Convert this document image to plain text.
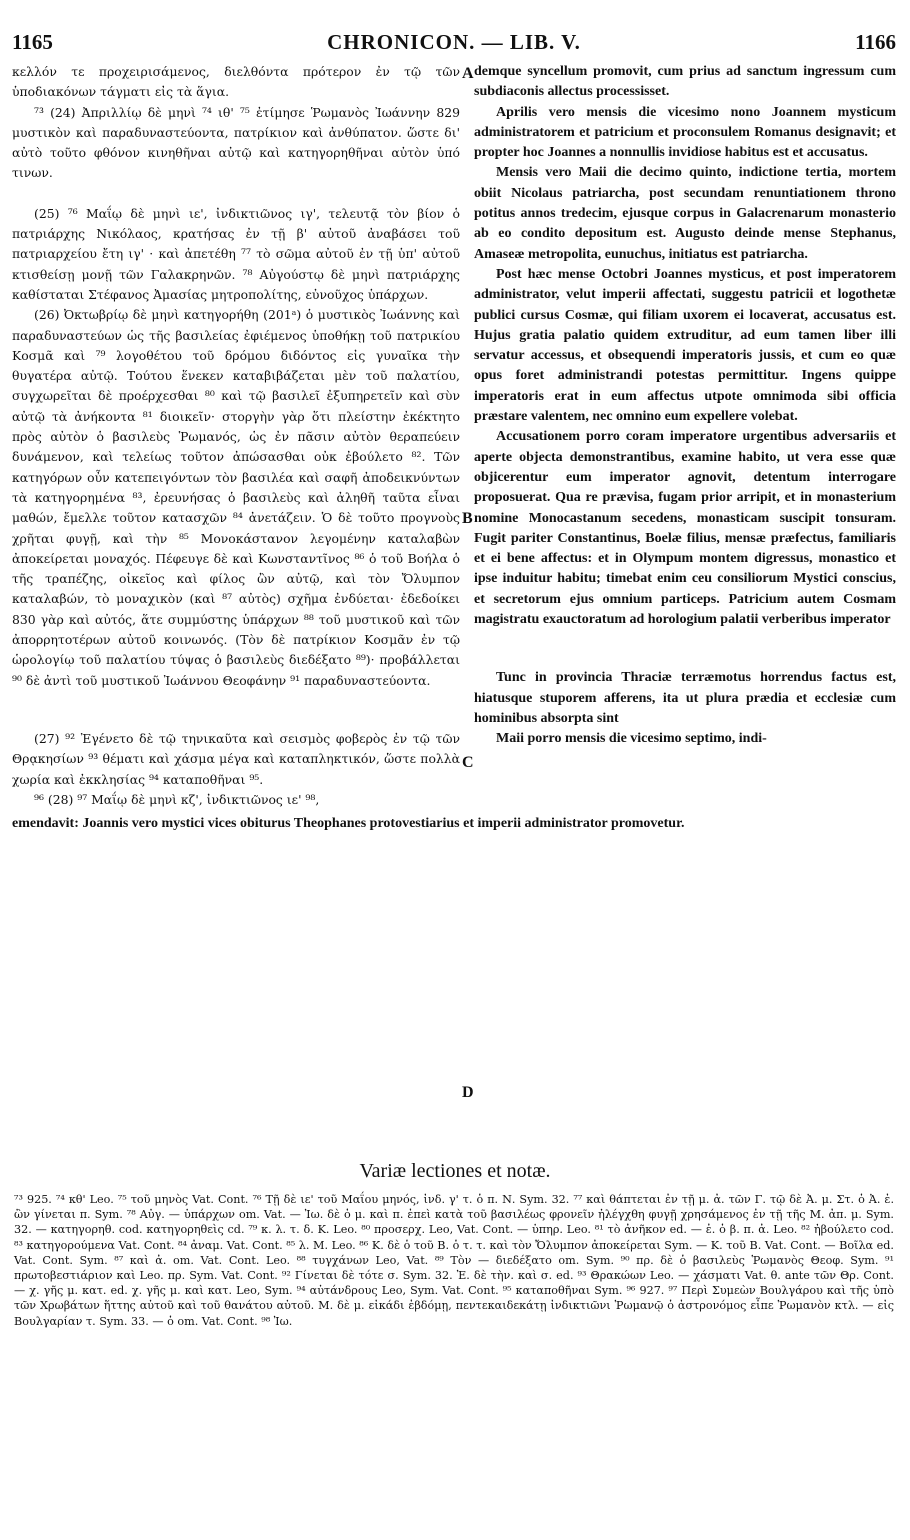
1165	CHRONICON. — LIB. V.	1166

κελλόν τε προχειρισάμενος, διελθόντα πρότερον ἐν τῷ τῶν ὑποδιακόνων τάγματι εἰς τὰ ἅγια.

⁷³ (24) Ἀπριλλίῳ δὲ μηνὶ ⁷⁴ ιθ' ⁷⁵ ἐτίμησε Ῥωμανὸς Ἰωάννην 829 μυστικὸν καὶ παραδυναστεύοντα, πατρίκιον καὶ ἀνθύπατον. ὥστε δι' αὐτὸ τοῦτο φθόνον κινηθῆναι αὐτῷ καὶ κατηγορηθῆναι αὐτὸν ὑπό τινων.

(25) ⁷⁶ Μαΐῳ δὲ μηνὶ ιε', ἰνδικτιῶνος ιγ', τελευτᾷ τὸν βίον ὁ πατριάρχης Νικόλαος, κρατήσας ἐν τῇ β' αὐτοῦ ἀναβάσει τοῦ πατριαρχείου ἔτη ιγ' · καὶ ἀπετέθη ⁷⁷ τὸ σῶμα αὐτοῦ ἐν τῇ ὑπ' αὐτοῦ κτισθείσῃ μονῇ τῶν Γαλακρηνῶν. ⁷⁸ Αὐγούστῳ δὲ μηνὶ πατριάρχης καθίσταται Στέφανος Ἀμασίας μητροπολίτης, εὐνοῦχος ὑπάρχων.

(26) Ὀκτωβρίῳ δὲ μηνὶ κατηγορήθη (201ᵃ) ὁ μυστικὸς Ἰωάννης καὶ παραδυναστεύων ὡς τῆς βασιλείας ἐφιέμενος ὑποθήκῃ τοῦ πατρικίου Κοσμᾶ καὶ ⁷⁹ λογοθέτου τοῦ δρόμου διδόντος εἰς γυναῖκα τὴν θυγατέρα αὐτῷ. Τούτου ἕνεκεν καταβιβάζεται μὲν τοῦ παλατίου, συγχωρεῖται δὲ προέρχεσθαι ⁸⁰ καὶ τῷ βασιλεῖ ἐξυπηρετεῖν καὶ σὺν αὐτῷ τὰ ἀνήκοντα ⁸¹ διοικεῖν· στοργὴν γὰρ ὅτι πλείστην ἐκέκτητο πρὸς αὐτὸν ὁ βασιλεὺς Ῥωμανός, ὡς ἐν πᾶσιν αὐτὸν θεραπεύειν δυνάμενον, καὶ τελείως τοῦτον ἀπώσασθαι οὐκ ἐβούλετο ⁸². Τῶν κατηγόρων οὖν κατεπειγόντων τὸν βασιλέα καὶ σαφῆ ἀποδεικνύντων τὰ κατηγορημένα ⁸³, ἐρευνήσας ὁ βασιλεὺς καὶ ἀληθῆ ταῦτα εἶναι μαθών, ἔμελλε τοῦτον κατασχῶν ⁸⁴ ἀνετάζειν. Ὁ δὲ τοῦτο προγνοὺς χρῆται φυγῇ, καὶ τὴν ⁸⁵ Μονοκάστανον λεγομένην καταλαβὼν ἀποκείρεται μοναχός. Πέφευγε δὲ καὶ Κωνσταντῖνος ⁸⁶ ὁ τοῦ Βοήλα ὁ τῆς τραπέζης, οἰκεῖος καὶ φίλος ὢν αὐτῷ, καὶ τὸν Ὄλυμπον καταλαβών, τὸ μοναχικὸν (καὶ ⁸⁷ αὐτὸς) σχῆμα ἐνδύεται· ἐδεδοίκει 830 γὰρ καὶ αὐτός, ἅτε συμμύστης ὑπάρχων ⁸⁸ τοῦ μυστικοῦ καὶ τῶν ἀπορρητοτέρων αὐτοῦ κοινωνός. (Τὸν δὲ πατρίκιον Κοσμᾶν ἐν τῷ ὡρολογίῳ τοῦ παλατίου τύψας ὁ βασιλεὺς διεδέξατο ⁸⁹)· προβάλλεται ⁹⁰ δὲ ἀντὶ τοῦ μυστικοῦ Ἰωάννου Θεοφάνην ⁹¹ παραδυναστεύοντα.

(27) ⁹² Ἐγένετο δὲ τῷ τηνικαῦτα καὶ σεισμὸς φοβερὸς ἐν τῷ τῶν Θρᾳκησίων ⁹³ θέματι καὶ χάσμα μέγα καὶ καταπληκτικόν, ὥστε πολλὰ χωρία καὶ ἐκκλησίας ⁹⁴ καταποθῆναι ⁹⁵.

⁹⁶ (28) ⁹⁷ Μαΐῳ δὲ μηνὶ κζ', ἰνδικτιῶνος ιε' ⁹⁸,

demque syncellum promovit, cum prius ad sanctum ingressum cum subdiaconis allectus processisset.

Aprilis vero mensis die vicesimo nono Joannem mysticum administratorem et patricium et proconsulem Romanus designavit; et propter hoc Joannes a nonnullis invidiose habitus est et accusatus.

Mensis vero Maii die decimo quinto, indictione tertia, mortem obiit Nicolaus patriarcha, post secundam renuntiationem throno potitus annos tredecim, ejusque corpus in Galacrenarum monasterio ab eo condito depositum est. Augusto deinde mense Stephanus, Amaseæ metropolita, eunuchus, initiatus est patriarcha.

Post hæc mense Octobri Joannes mysticus, et post imperatorem administrator, velut imperii affectati, suggestu patricii et logothetæ publici cursus Cosmæ, qui filiam uxorem ei locaverat, accusatus est. Hujus gratia palatio quidem extruditur, ad eum tamen liber illi servatur accessus, et obsequendi imperatoris jussis, et cum eo quæ opus foret administrandi potestas permittitur. Ingens quippe imperatoris erat in eum affectus utpote omnimoda sibi officia præstare valentem, nec omnino eum expellere volebat.

Accusationem porro coram imperatore urgentibus adversariis et aperte objecta demonstrantibus, examine habito, ut vera esse quæ objicerentur eum imperator agnovit, detentum interrogare proposuerat. Qua re prævisa, fugam prior arripit, et in monasterium nomine Monocastanum secedens, monasticam suscipit tonsuram. Fugit pariter Constantinus, Boelæ filius, mensæ præfectus, familiaris et ei bene affectus: et in Olympum montem digressus, monastico et ipse induitur habitu; timebat enim ceu consiliorum Mystici conscius, et secretorum ejus omnium particeps. Patricium autem Cosmam magistratu exauctoratum ad horologium palatii verberibus imperator

Tunc in provincia Thraciæ terræmotus horrendus factus est, hiatusque stuporem afferens, ita ut plura prædia et ecclesiæ cum hominibus absorpta sint

Maii porro mensis die vicesimo septimo, indi-

A
B
C
D
emendavit: Joannis vero mystici vices obiturus Theophanes protovestiarius et imperii administrator promovetur.
Variæ lectiones et notæ.

⁷³ 925. ⁷⁴ κθ' Leo. ⁷⁵ τοῦ μηνὸς Vat. Cont. ⁷⁶ Τῇ δὲ ιε' τοῦ Μαΐου μηνός, ἰνδ. γ' τ. ὁ π. Ν. Sym. 32. ⁷⁷ καὶ θάπτεται ἐν τῇ μ. ἀ. τῶν Γ. τῷ δὲ Ἀ. μ. Στ. ὁ Ἀ. ἐ. ὢν γίνεται π. Sym. ⁷⁸ Αὐγ. — ὑπάρχων om. Vat. — Ἰω. δὲ ὁ μ. καὶ π. ἐπεὶ κατὰ τοῦ βασιλέως φρονεῖν ἠλέγχθη φυγῇ χρησάμενος ἐν τῇ τῆς Μ. ἀπ. μ. Sym. 32. — κατηγορηθ. cod. κατηγορηθεὶς cd. ⁷⁹ κ. λ. τ. δ. Κ. Leo. ⁸⁰ προσερχ. Leo, Vat. Cont. — ὑπηρ. Leo. ⁸¹ τὸ ἀνῆκον ed. — ἐ. ὁ β. π. ἀ. Leo. ⁸² ἠβούλετο cod. ⁸³ κατηγορούμενα Vat. Cont. ⁸⁴ ἀναμ. Vat. Cont. ⁸⁵ λ. Μ. Leo. ⁸⁶ Κ. δὲ ὁ τοῦ Β. ὁ τ. τ. καὶ τὸν Ὄλυμπον ἀποκείρεται Sym. — Κ. τοῦ Β. Vat. Cont. — Βοῖλα ed. Vat. Cont. Sym. ⁸⁷ καὶ ἀ. om. Vat. Cont. Leo. ⁸⁸ τυγχάνων Leo, Vat. ⁸⁹ Τὸν — διεδέξατο om. Sym. ⁹⁰ πρ. δὲ ὁ βασιλεὺς Ῥωμανὸς Θεοφ. Sym. ⁹¹ πρωτοβεστιάριον καὶ Leo. πρ. Sym. Vat. Cont. ⁹² Γίνεται δὲ τότε σ. Sym. 32. Ἐ. δὲ τὴν. καὶ σ. ed. ⁹³ Θρακώων Leo. — χάσματι Vat. θ. ante τῶν Θρ. Cont. — χ. γῆς μ. κατ. ed. χ. γῆς μ. καὶ κατ. Leo, Sym. ⁹⁴ αὐτάνδρους Leo, Sym. Vat. Cont. ⁹⁵ καταποθῆναι Sym. ⁹⁶ 927. ⁹⁷ Περὶ Συμεὼν Βουλγάρου καὶ τῆς ὑπὸ τῶν Χρωβάτων ἥττης αὐτοῦ καὶ τοῦ θανάτου αὐτοῦ. Μ. δὲ μ. εἰκάδι ἑβδόμῃ, πεντεκαιδεκάτῃ ἰνδικτιῶνι Ῥωμανῷ ὁ ἀστρονόμος εἶπε Ῥωμανὸν κτλ. — εἰς Βουλγαρίαν τ. Sym. 33. — ὁ om. Vat. Cont. ⁹⁸ Ἰω.
